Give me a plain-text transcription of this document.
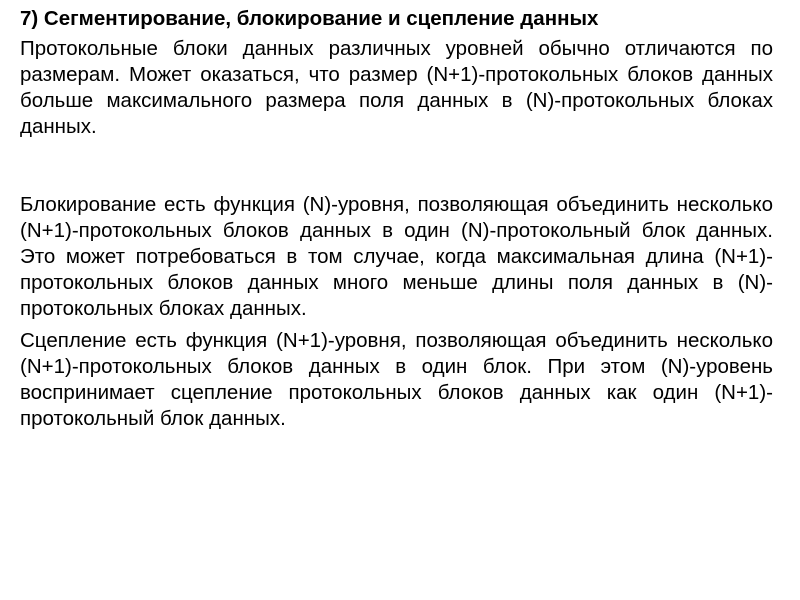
7) Сегментирование, блокирование и сцепление данных

Протокольные блоки данных различных уровней обычно отличаются по размерам. Может оказаться, что размер (N+1)-протокольных блоков данных больше максимального размера поля данных в (N)-протокольных блоках данных.

Блокирование есть функция (N)-уровня, позволяющая объединить несколько (N+1)-протокольных блоков данных в один (N)-протокольный блок данных. Это может потребоваться в том случае, когда максимальная длина (N+1)-протокольных блоков данных много меньше длины поля данных в (N)-протокольных блоках данных.

Сцепление есть функция (N+1)-уровня, позволяющая объединить несколько (N+1)-протокольных блоков данных в один блок. При этом (N)-уровень воспринимает сцепление протокольных блоков данных как один (N+1)-протокольный блок данных.
